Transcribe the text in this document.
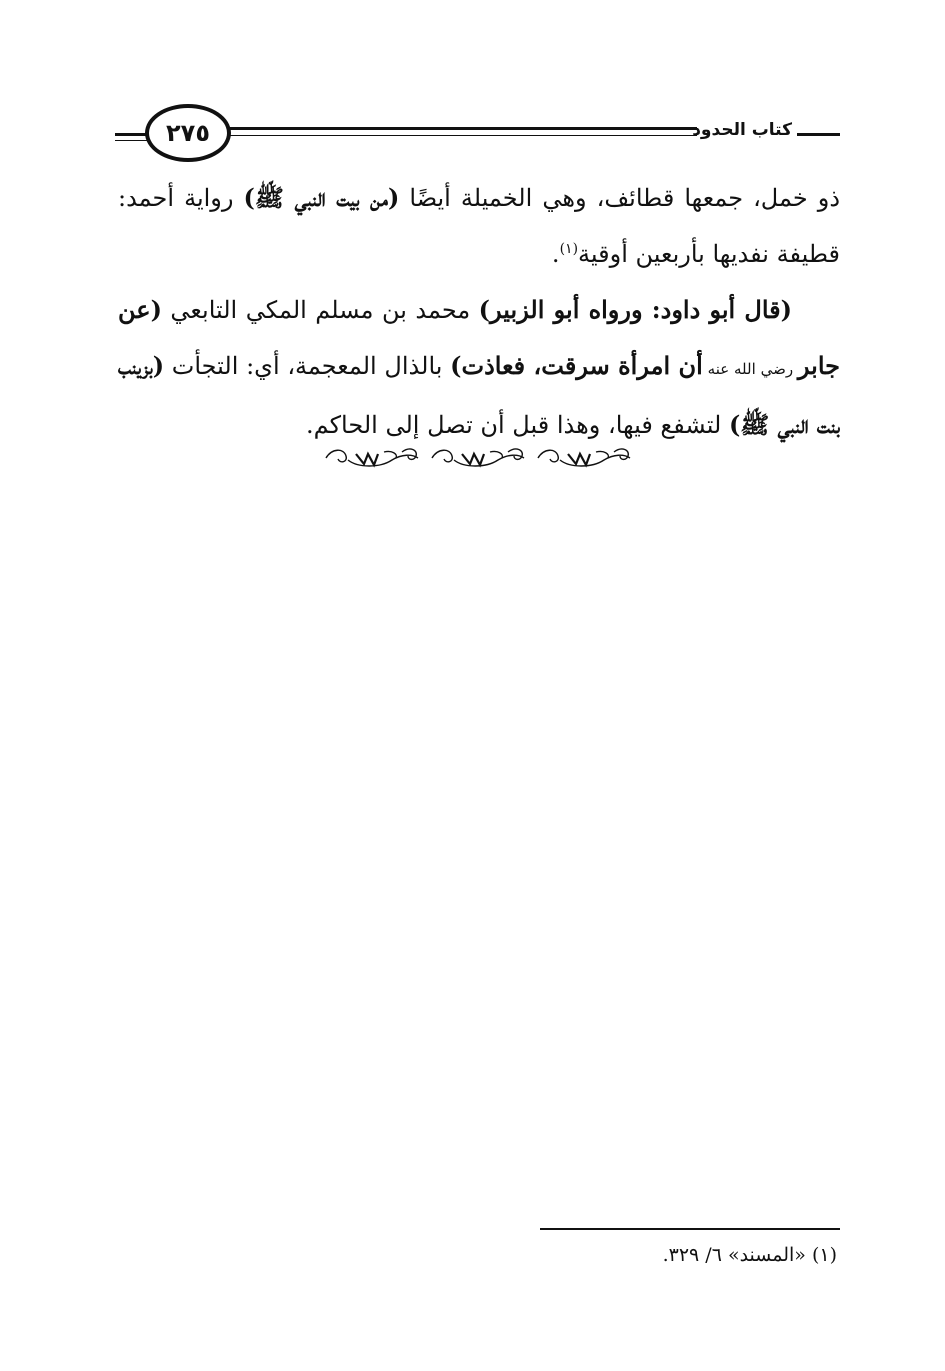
٢٧٥	كتاب الحدود

ذو خمل، جمعها قطائف، وهي الخميلة أيضًا (من بيت النبي ﷺ) رواية أحمد: قطيفة نفديها بأربعين أوقية$^{(١)}$.

(قال أبو داود: ورواه أبو الزبير) محمد بن مسلم المكي التابعي (عن جابر رضي الله عنه أن امرأة سرقت، فعاذت) بالذال المعجمة، أي: التجأت (بزينب بنت النبي ﷺ) لتشفع فيها، وهذا قبل أن تصل إلى الحاكم.

(١) «المسند» ٦/ ٣٢٩.
